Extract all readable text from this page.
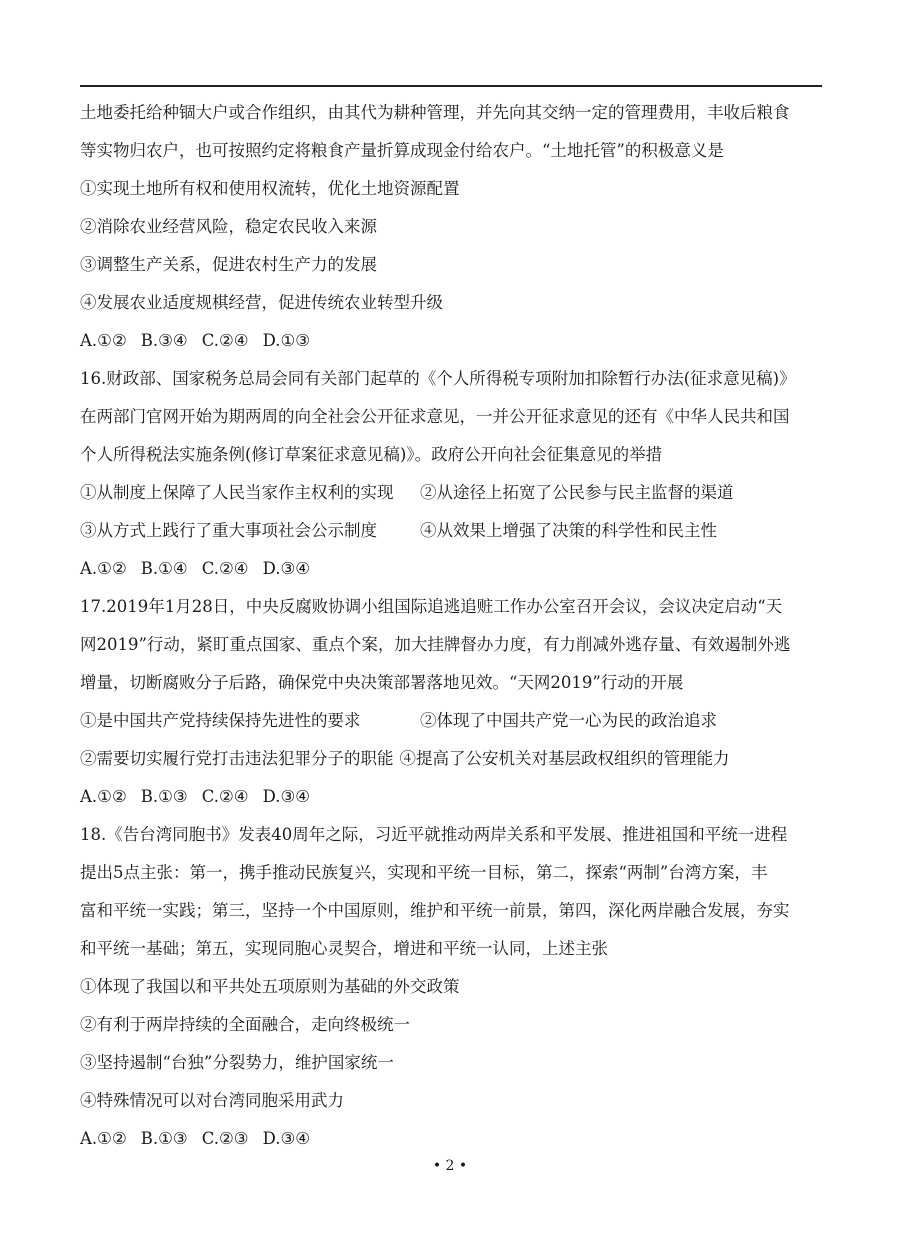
土地委托给种锢大户或合作组织，由其代为耕种管理，并先向其交纳一定的管理费用，丰收后粮食
等实物归农户，也可按照约定将粮食产量折算成现金付给农户。“土地托管”的积极意义是
①实现土地所有权和使用权流转，优化土地资源配置
②消除农业经营风险，稳定农民收入来源
③调整生产关系，促进农村生产力的发展
④发展农业适度规棋经营，促进传统农业转型升级
A.①② B.③④ C.②④ D.①③
16.财政部、国家税务总局会同有关部门起草的《个人所得税专项附加扣除暂行办法(征求意见稿)》
在两部门官网开始为期两周的向全社会公开征求意见，一并公开征求意见的还有《中华人民共和国
个人所得税法实施条例(修订草案征求意见稿)》。政府公开向社会征集意见的举措
①从制度上保障了人民当家作主权利的实现	②从途径上拓宽了公民参与民主监督的渠道
③从方式上践行了重大事项社会公示制度	④从效果上增强了决策的科学性和民主性
A.①② B.①④ C.②④ D.③④
17.2019年1月28日，中央反腐败协调小组国际追逃追赃工作办公室召开会议，会议决定启动“天
网2019”行动，紧盯重点国家、重点个案，加大挂牌督办力度，有力削减外逃存量、有效遏制外逃
增量，切断腐败分子后路，确保党中央决策部署落地见效。“天网2019”行动的开展
①是中国共产党持续保持先进性的要求	②体现了中国共产党一心为民的政治追求
②需要切实履行党打击违法犯罪分子的职能 ④提高了公安机关对基层政权组织的管理能力
A.①② B.①③ C.②④ D.③④
18.《告台湾同胞书》发表40周年之际，习近平就推动两岸关系和平发展、推进祖国和平统一进程
提出5点主张：第一，携手推动民族复兴，实现和平统一目标，第二，探索“两制”台湾方案，丰
富和平统一实践；第三，坚持一个中国原则，维护和平统一前景，第四，深化两岸融合发展，夯实
和平统一基础；第五，实现同胞心灵契合，增进和平统一认同，上述主张
①体现了我国以和平共处五项原则为基础的外交政策
②有利于两岸持续的全面融合，走向终极统一
③坚持遏制“台独”分裂势力，维护国家统一
④特殊情况可以对台湾同胞采用武力
A.①② B.①③ C.②③ D.③④
• 2 •
